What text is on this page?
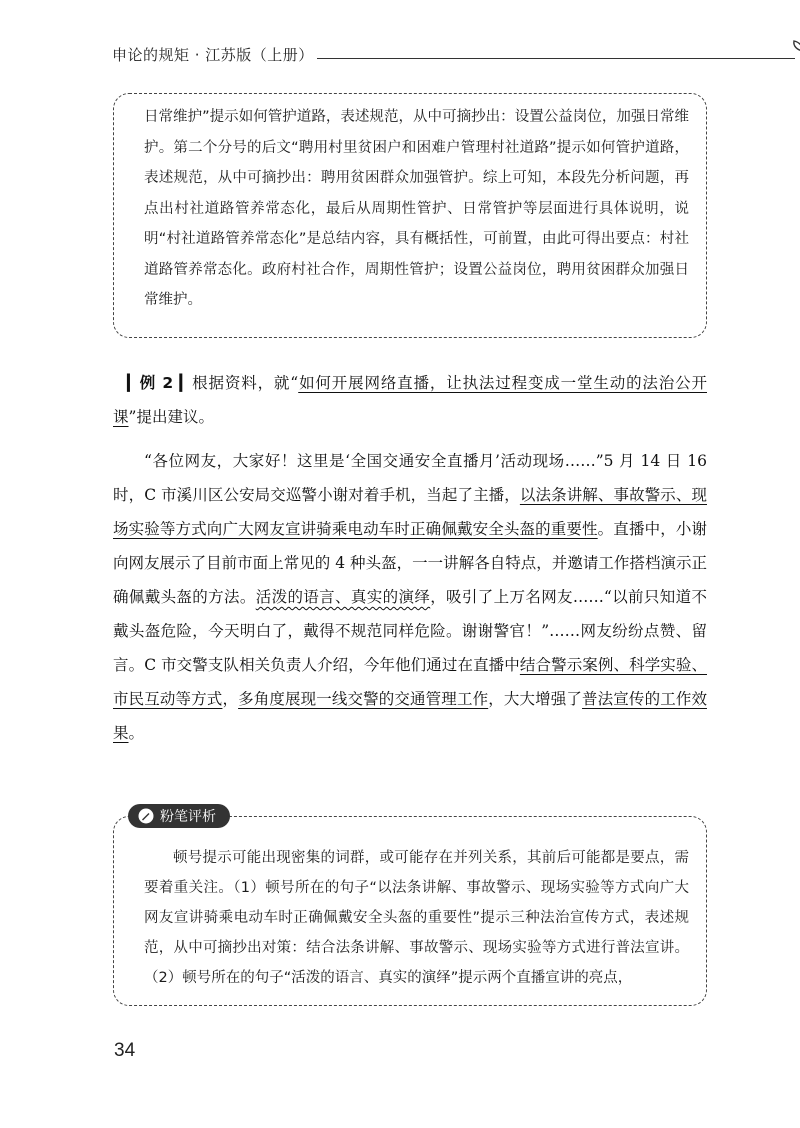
申论的规矩 · 江苏版（上册）

日常维护”提示如何管护道路，表述规范，从中可摘抄出：设置公益岗位，加强日常维护。第二个分号的后文“聘用村里贫困户和困难户管理村社道路”提示如何管护道路，表述规范，从中可摘抄出：聘用贫困群众加强管护。综上可知，本段先分析问题，再点出村社道路管养常态化，最后从周期性管护、日常管护等层面进行具体说明，说明“村社道路管养常态化”是总结内容，具有概括性，可前置，由此可得出要点：村社道路管养常态化。政府村社合作，周期性管护；设置公益岗位，聘用贫困群众加强日常维护。

▎例 2 ▎根据资料，就“如何开展网络直播，让执法过程变成一堂生动的法治公开课”提出建议。

“各位网友，大家好！这里是‘全国交通安全直播月’活动现场……”5 月 14 日 16 时，C 市溪川区公安局交巡警小谢对着手机，当起了主播，以法条讲解、事故警示、现场实验等方式向广大网友宣讲骑乘电动车时正确佩戴安全头盔的重要性。直播中，小谢向网友展示了目前市面上常见的 4 种头盔，一一讲解各自特点，并邀请工作搭档演示正确佩戴头盔的方法。活泼的语言、真实的演绎，吸引了上万名网友……“以前只知道不戴头盔危险，今天明白了，戴得不规范同样危险。谢谢警官！”……网友纷纷点赞、留言。C 市交警支队相关负责人介绍，今年他们通过在直播中结合警示案例、科学实验、市民互动等方式，多角度展现一线交警的交通管理工作，大大增强了普法宣传的工作效果。

顿号提示可能出现密集的词群，或可能存在并列关系，其前后可能都是要点，需要着重关注。（1）顿号所在的句子“以法条讲解、事故警示、现场实验等方式向广大网友宣讲骑乘电动车时正确佩戴安全头盔的重要性”提示三种法治宣传方式，表述规范，从中可摘抄出对策：结合法条讲解、事故警示、现场实验等方式进行普法宣讲。（2）顿号所在的句子“活泼的语言、真实的演绎”提示两个直播宣讲的亮点，

粉笔评析
34
